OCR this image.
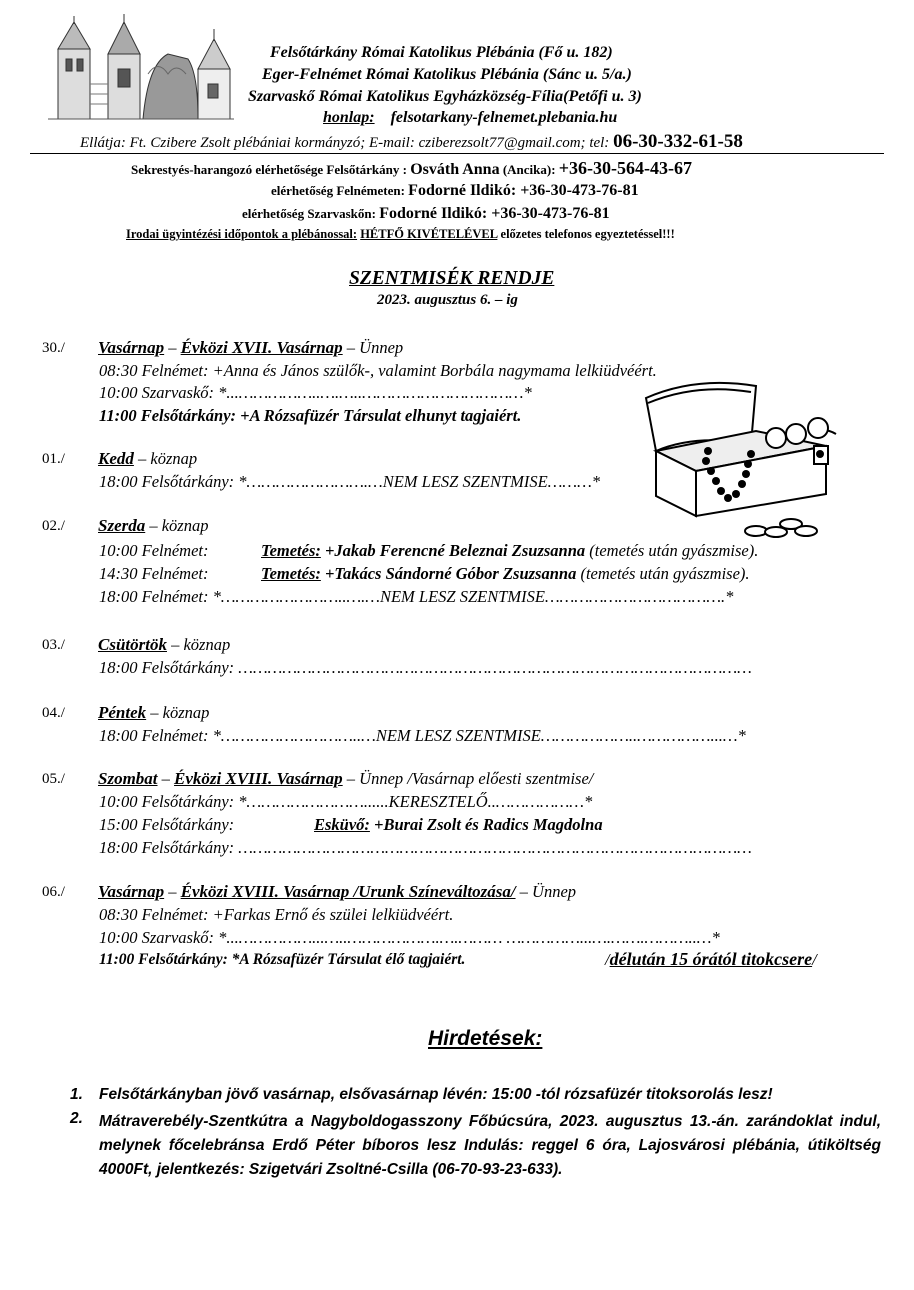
Felsőtárkány Római Katolikus Plébánia (Fő u. 182)
Eger-Felnémet Római Katolikus Plébánia (Sánc u. 5/a.)
Szarvaskő Római Katolikus Egyházközség-Fília(Petőfi u. 3)
honlap: felsotarkany-felnemet.plebania.hu
Ellátja: Ft. Czibere Zsolt plébániai kormányzó; E-mail: cziberezsolt77@gmail.com; tel: 06-30-332-61-58
Sekrestyés-harangozó elérhetősége Felsőtárkány : Osváth Anna (Ancika): +36-30-564-43-67
elérhetőség Felnémeten: Fodorné Ildikó: +36-30-473-76-81
elérhetőség Szarvaskőn: Fodorné Ildikó: +36-30-473-76-81
Irodai ügyintézési időpontok a plébánossal: HÉTFŐ KIVÉTELÉVEL előzetes telefonos egyeztetéssel!!!
SZENTMISÉK RENDJE
2023. augusztus 6. – ig
30./ Vasárnap – Évközi XVII. Vasárnap – Ünnep
08:30 Felnémet: +Anna és János szülők-, valamint Borbála nagymama lelkiüdvéért.
10:00 Szarvaskő: *...……………..….…..……………………………*
11:00 Felsőtárkány: +A Rózsafüzér Társulat elhunyt tagjaiért.
01./ Kedd – köznap
18:00 Felsőtárkány: *…………………….…NEM LESZ SZENTMISE………*
02./ Szerda – köznap
10:00 Felnémet:	Temetés: +Jakab Ferencné Beleznai Zsuzsanna (temetés után gyászmise).
14:30 Felnémet:	Temetés: +Takács Sándorné Góbor Zsuzsanna (temetés után gyászmise).
18:00 Felnémet: *……………………..….…NEM LESZ SZENTMISE……………………………….*
03./ Csütörtök – köznap
18:00 Felsőtárkány: ……………………………………………………………………………………………
04./ Péntek – köznap
18:00 Felnémet: *………………………..…NEM LESZ SZENTMISE………………..……………...…*
05./ Szombat – Évközi XVIII. Vasárnap – Ünnep /Vasárnap előesti szentmise/
10:00 Felsőtárkány: *……………………......KERESZTELŐ..………………*
15:00 Felsőtárkány:	Esküvő: +Burai Zsolt és Radics Magdolna
18:00 Felsőtárkány: ……………………………………………………………………………………………
06./ Vasárnap – Évközi XVIII. Vasárnap /Urunk Színeváltozása/ – Ünnep
08:30 Felnémet: +Farkas Ernő és szülei lelkiüdvéért.
10:00 Szarvaskő: *...……………...…..……………….….……… ……………...….…….………..…*
11:00 Felsőtárkány: *A Rózsafüzér Társulat élő tagjaiért.	/délután 15 órától titokcsere/
Hirdetések:
1. Felsőtárkányban jövő vasárnap, elsővasárnap lévén: 15:00 -tól rózsafüzér titoksorolás lesz!
2. Mátraverebély-Szentkútra a Nagyboldogasszony Főbúcsúra, 2023. augusztus 13.-án. zarándoklat indul, melynek főcelebránsa Erdő Péter bíboros lesz Indulás: reggel 6 óra, Lajosvárosi plébánia, útiköltség 4000Ft, jelentkezés: Szigetvári Zsoltné-Csilla (06-70-93-23-633).
